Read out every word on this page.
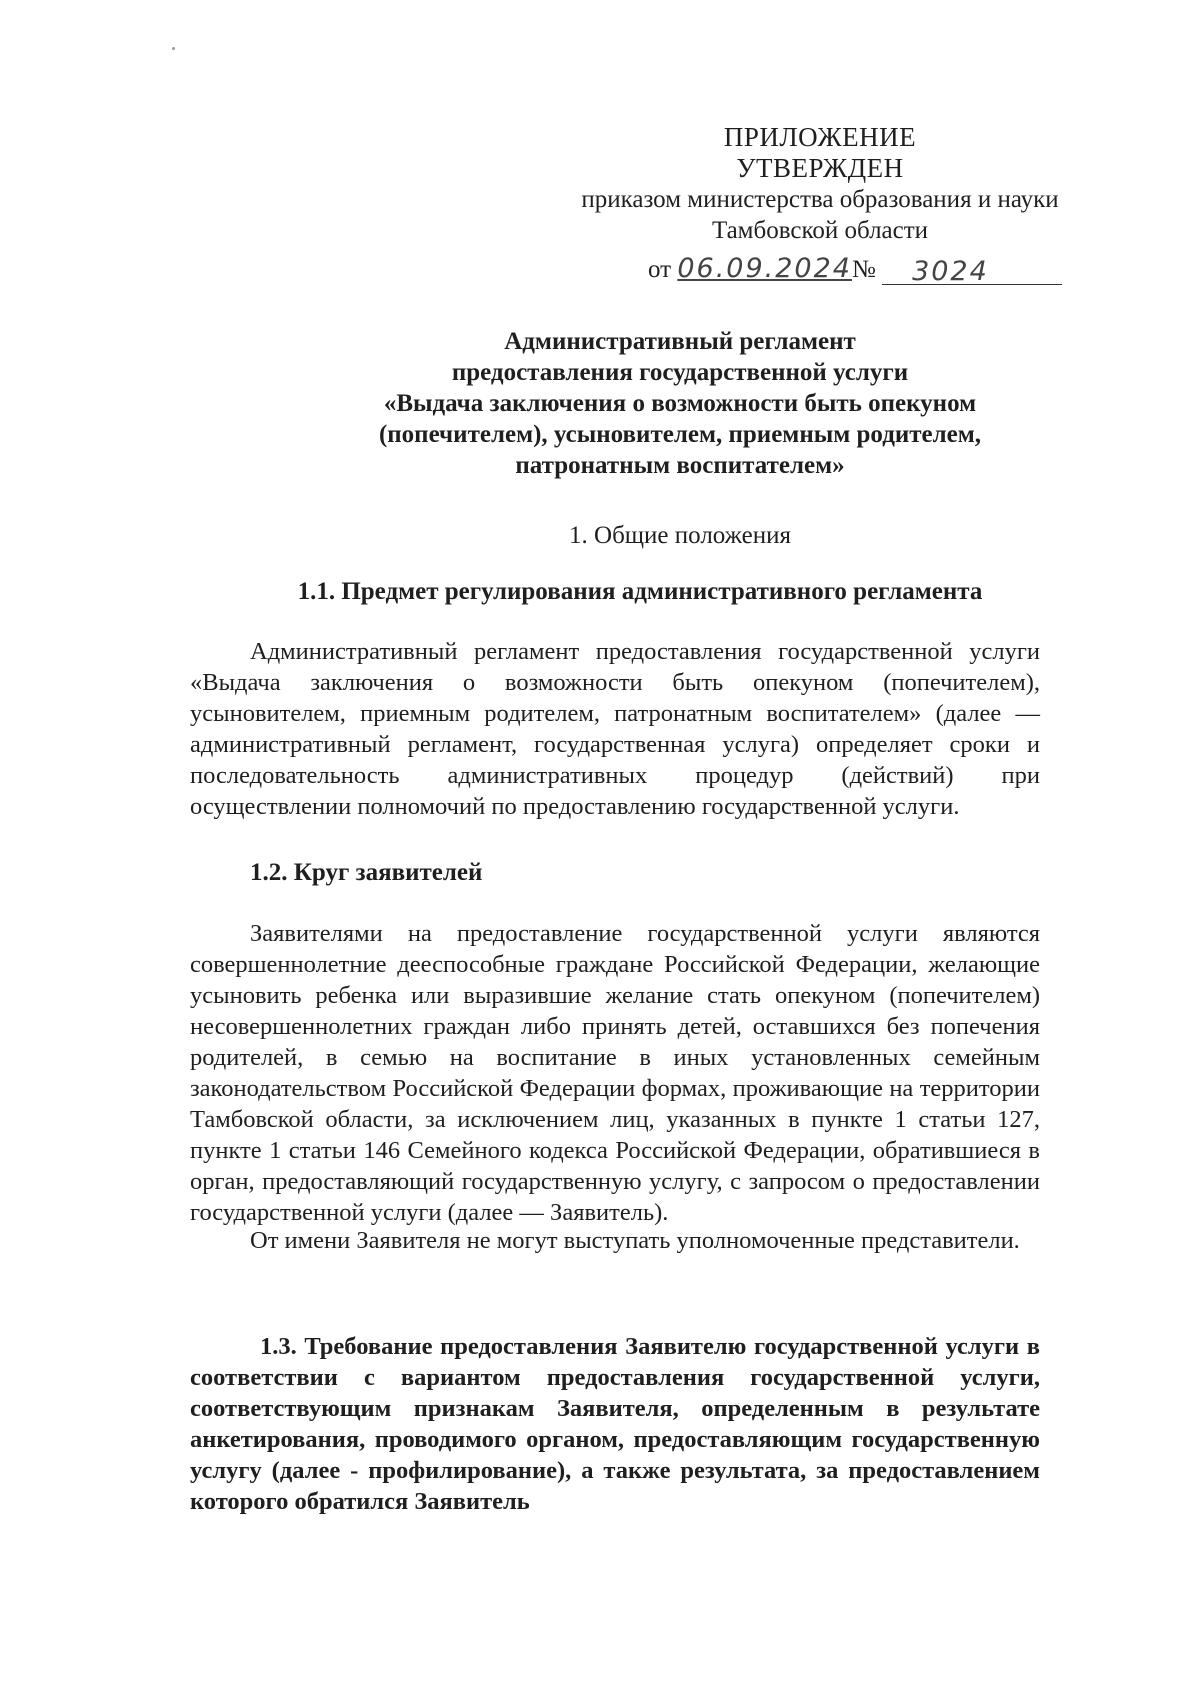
ПРИЛОЖЕНИЕ
УТВЕРЖДЕН
приказом министерства образования и науки
Тамбовской области
от 06.09.2024№ 3024
Административный регламент
предоставления государственной услуги
«Выдача заключения о возможности быть опекуном
(попечителем), усыновителем, приемным родителем,
патронатным воспитателем»
1. Общие положения
1.1. Предмет регулирования административного регламента
Административный регламент предоставления государственной услуги «Выдача заключения о возможности быть опекуном (попечителем), усыновителем, приемным родителем, патронатным воспитателем» (далее — административный регламент, государственная услуга) определяет сроки и последовательность административных процедур (действий) при осуществлении полномочий по предоставлению государственной услуги.
1.2. Круг заявителей
Заявителями на предоставление государственной услуги являются совершеннолетние дееспособные граждане Российской Федерации, желающие усыновить ребенка или выразившие желание стать опекуном (попечителем) несовершеннолетних граждан либо принять детей, оставшихся без попечения родителей, в семью на воспитание в иных установленных семейным законодательством Российской Федерации формах, проживающие на территории Тамбовской области, за исключением лиц, указанных в пункте 1 статьи 127, пункте 1 статьи 146 Семейного кодекса Российской Федерации, обратившиеся в орган, предоставляющий государственную услугу, с запросом о предоставлении государственной услуги (далее — Заявитель).
От имени Заявителя не могут выступать уполномоченные представители.
1.3. Требование предоставления Заявителю государственной услуги в соответствии с вариантом предоставления государственной услуги, соответствующим признакам Заявителя, определенным в результате анкетирования, проводимого органом, предоставляющим государственную услугу (далее - профилирование), а также результата, за предоставлением которого обратился Заявитель
